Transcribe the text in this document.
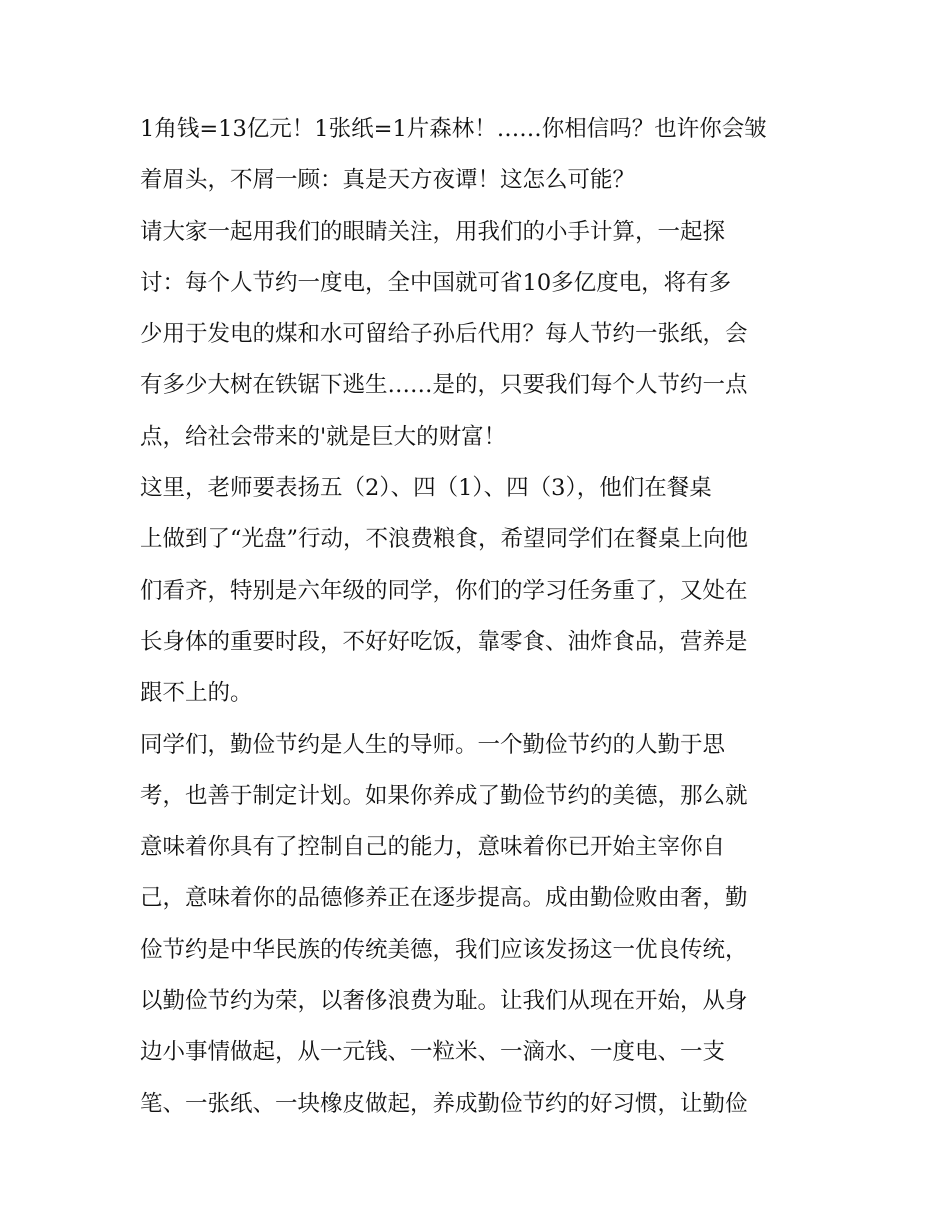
1角钱=13亿元！1张纸=1片森林！……你相信吗？也许你会皱
着眉头，不屑一顾：真是天方夜谭！这怎么可能？
请大家一起用我们的眼睛关注，用我们的小手计算，一起探
讨：每个人节约一度电，全中国就可省10多亿度电，将有多
少用于发电的煤和水可留给子孙后代用？每人节约一张纸，会
有多少大树在铁锯下逃生……是的，只要我们每个人节约一点
点，给社会带来的'就是巨大的财富！
这里，老师要表扬五（2）、四（1）、四（3），他们在餐桌
上做到了“光盘”行动，不浪费粮食，希望同学们在餐桌上向他
们看齐，特别是六年级的同学，你们的学习任务重了，又处在
长身体的重要时段，不好好吃饭，靠零食、油炸食品，营养是
跟不上的。
同学们，勤俭节约是人生的导师。一个勤俭节约的人勤于思
考，也善于制定计划。如果你养成了勤俭节约的美德，那么就
意味着你具有了控制自己的能力，意味着你已开始主宰你自
己，意味着你的品德修养正在逐步提高。成由勤俭败由奢，勤
俭节约是中华民族的传统美德，我们应该发扬这一优良传统，
以勤俭节约为荣，以奢侈浪费为耻。让我们从现在开始，从身
边小事情做起，从一元钱、一粒米、一滴水、一度电、一支
笔、一张纸、一块橡皮做起，养成勤俭节约的好习惯，让勤俭
